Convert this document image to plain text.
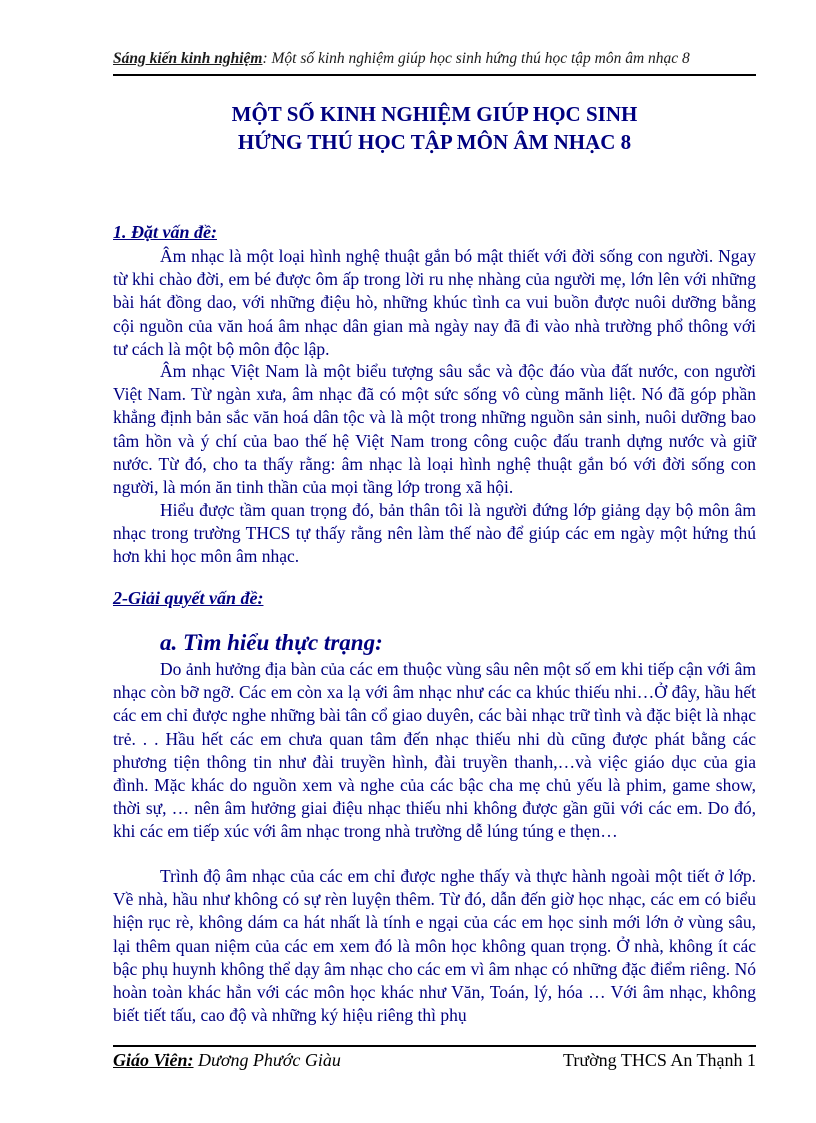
Sáng kiến kinh nghiệm: Một số kinh nghiệm giúp học sinh hứng thú học tập môn âm nhạc 8
MỘT SỐ KINH NGHIỆM GIÚP HỌC SINH
HỨNG THÚ HỌC TẬP MÔN ÂM NHẠC 8
1. Đặt vấn đề:

Âm nhạc là một loại hình nghệ thuật gắn bó mật thiết với đời sống con người. Ngay từ khi chào đời, em bé được ôm ấp trong lời ru nhẹ nhàng của người mẹ, lớn lên với những bài hát đồng dao, với những điệu hò, những khúc tình ca vui buồn được nuôi dưỡng bằng cội nguồn của văn hoá âm nhạc dân gian mà ngày nay đã đi vào nhà trường phổ thông với tư cách là một bộ môn độc lập.

Âm nhạc Việt Nam là một biểu tượng sâu sắc và độc đáo vùa đất nước, con người Việt Nam. Từ ngàn xưa, âm nhạc đã có một sức sống vô cùng mãnh liệt. Nó đã góp phần khẳng định bản sắc văn hoá dân tộc và là một trong những nguồn sản sinh, nuôi dưỡng bao tâm hồn và ý chí của bao thế hệ Việt Nam trong công cuộc đấu tranh dựng nước và giữ nước. Từ đó, cho ta thấy rằng: âm nhạc là loại hình nghệ thuật gắn bó với đời sống con người, là món ăn tinh thần của mọi tầng lớp trong xã hội.

Hiểu được tầm quan trọng đó, bản thân tôi là người đứng lớp giảng dạy bộ môn âm nhạc trong trường THCS tự thấy rằng nên làm thế nào để giúp các em ngày một hứng thú hơn khi học môn âm nhạc.

2-Giải quyết vấn đề:
a. Tìm hiểu thực trạng:

Do ảnh hưởng địa bàn của các em thuộc vùng sâu nên một số em khi tiếp cận với âm nhạc còn bỡ ngỡ. Các em còn xa lạ với âm nhạc như các ca khúc thiếu nhi…Ở đây, hầu hết các em chỉ được nghe những bài tân cổ giao duyên, các bài nhạc trữ tình và đặc biệt là nhạc trẻ. . . Hầu hết các em chưa quan tâm đến nhạc thiếu nhi dù cũng được phát bằng các phương tiện thông tin như đài truyền hình, đài truyền thanh,…và việc giáo dục của gia đình. Mặc khác do nguồn xem và nghe của các bậc cha mẹ chủ yếu là phim, game show, thời sự, … nên âm hưởng giai điệu nhạc thiếu nhi không được gần gũi với các em. Do đó, khi các em tiếp xúc với âm nhạc trong nhà trường dễ lúng túng e thẹn…

Trình độ âm nhạc của các em chỉ được nghe thấy và thực hành ngoài một tiết ở lớp. Về nhà, hầu như không có sự rèn luyện thêm. Từ đó, dẫn đến giờ học nhạc, các em có biểu hiện rục rè, không dám ca hát nhất là tính e ngại của các em học sinh mới lớn ở vùng sâu, lại thêm quan niệm của các em xem đó là môn học không quan trọng. Ở nhà, không ít các bậc phụ huynh không thể dạy âm nhạc cho các em vì âm nhạc có những đặc điểm riêng. Nó hoàn toàn khác hẳn với các môn học khác như Văn, Toán, lý, hóa … Với âm nhạc, không biết tiết tấu, cao độ và những ký hiệu riêng thì phụ

Giáo Viên: Dương Phước Giàu	Trường THCS An Thạnh 1
